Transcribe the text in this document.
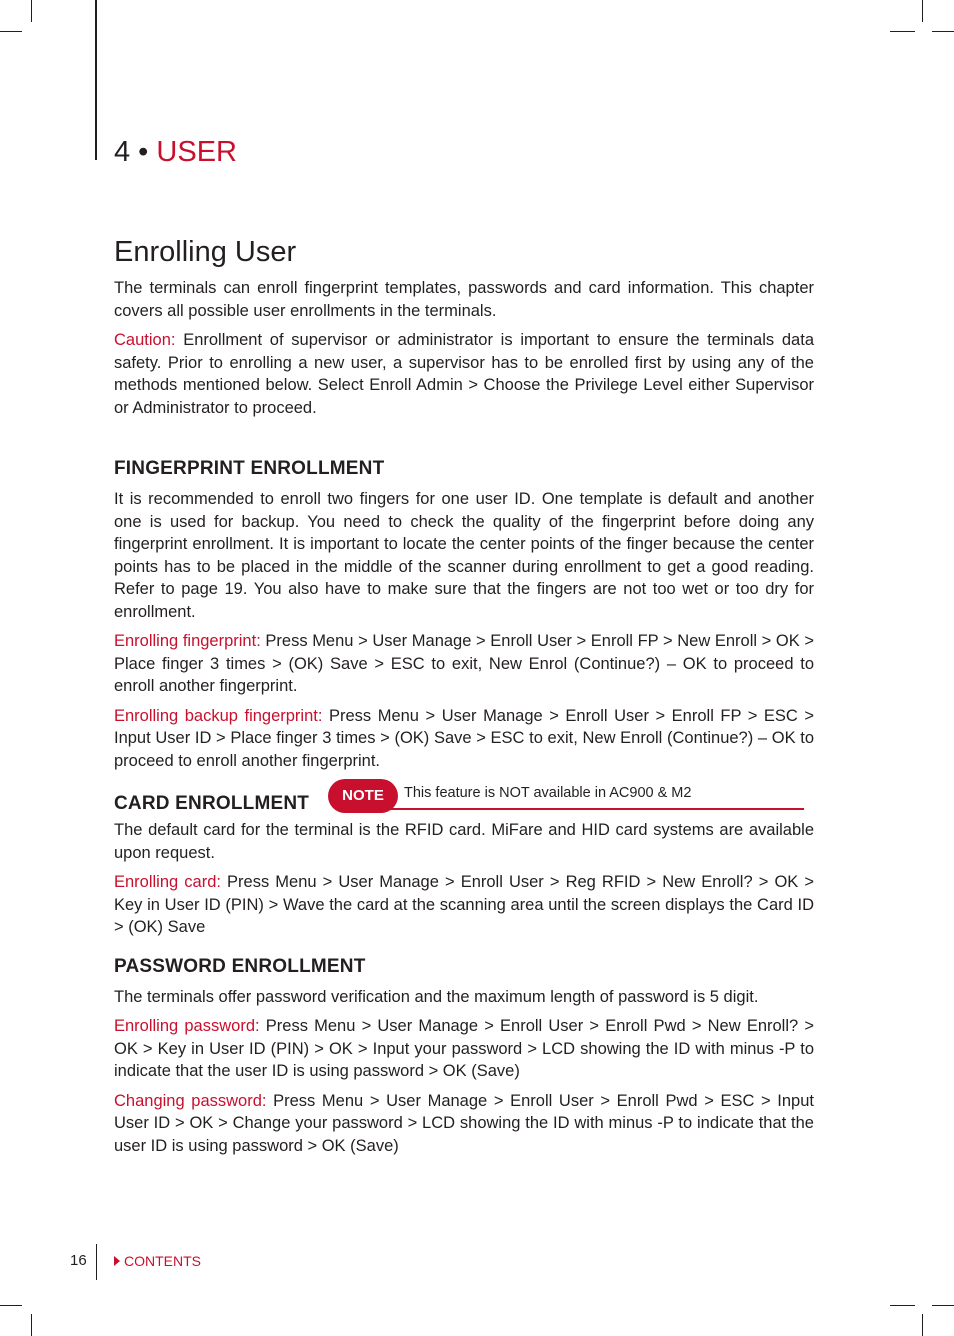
4 • USER
Enrolling User

The terminals can enroll fingerprint templates, passwords and card information. This chapter covers all possible user enrollments in the terminals.

Caution: Enrollment of supervisor or administrator is important to ensure the terminals data safety. Prior to enrolling a new user, a supervisor has to be enrolled first by using any of the methods mentioned below. Select Enroll Admin > Choose the Privilege Level either Supervisor or Administrator to proceed.

FINGERPRINT ENROLLMENT

It is recommended to enroll two fingers for one user ID. One template is default and another one is used for backup. You need to check the quality of the fingerprint before doing any fingerprint enrollment. It is important to locate the center points of the finger because the center points has to be placed in the middle of the scanner during enrollment to get a good reading. Refer to page 19. You also have to make sure that the fingers are not too wet or too dry for enrollment.

Enrolling fingerprint: Press Menu > User Manage > Enroll User > Enroll FP > New Enroll > OK > Place finger 3 times > (OK) Save > ESC to exit, New Enrol (Continue?) – OK to proceed to enroll another fingerprint.

Enrolling backup fingerprint: Press Menu > User Manage > Enroll User > Enroll FP > ESC > Input User ID > Place finger 3 times > (OK) Save > ESC to exit, New Enroll (Continue?) – OK to proceed to enroll another fingerprint.

CARD ENROLLMENT	NOTE	This feature is NOT available in AC900 & M2

The default card for the terminal is the RFID card. MiFare and HID card systems are available upon request.

Enrolling card: Press Menu > User Manage > Enroll User > Reg RFID > New Enroll? > OK > Key in User ID (PIN) > Wave the card at the scanning area until the screen displays the Card ID > (OK) Save

PASSWORD ENROLLMENT

The terminals offer password verification and the maximum length of password is 5 digit.

Enrolling password: Press Menu > User Manage > Enroll User > Enroll Pwd > New Enroll? > OK > Key in User ID (PIN) > OK > Input your password > LCD showing the ID with minus -P to indicate that the user ID is using password > OK (Save)

Changing password: Press Menu > User Manage > Enroll User > Enroll Pwd > ESC > Input User ID > OK > Change your password > LCD showing the ID with minus -P to indicate that the user ID is using password > OK (Save)

16	CONTENTS
